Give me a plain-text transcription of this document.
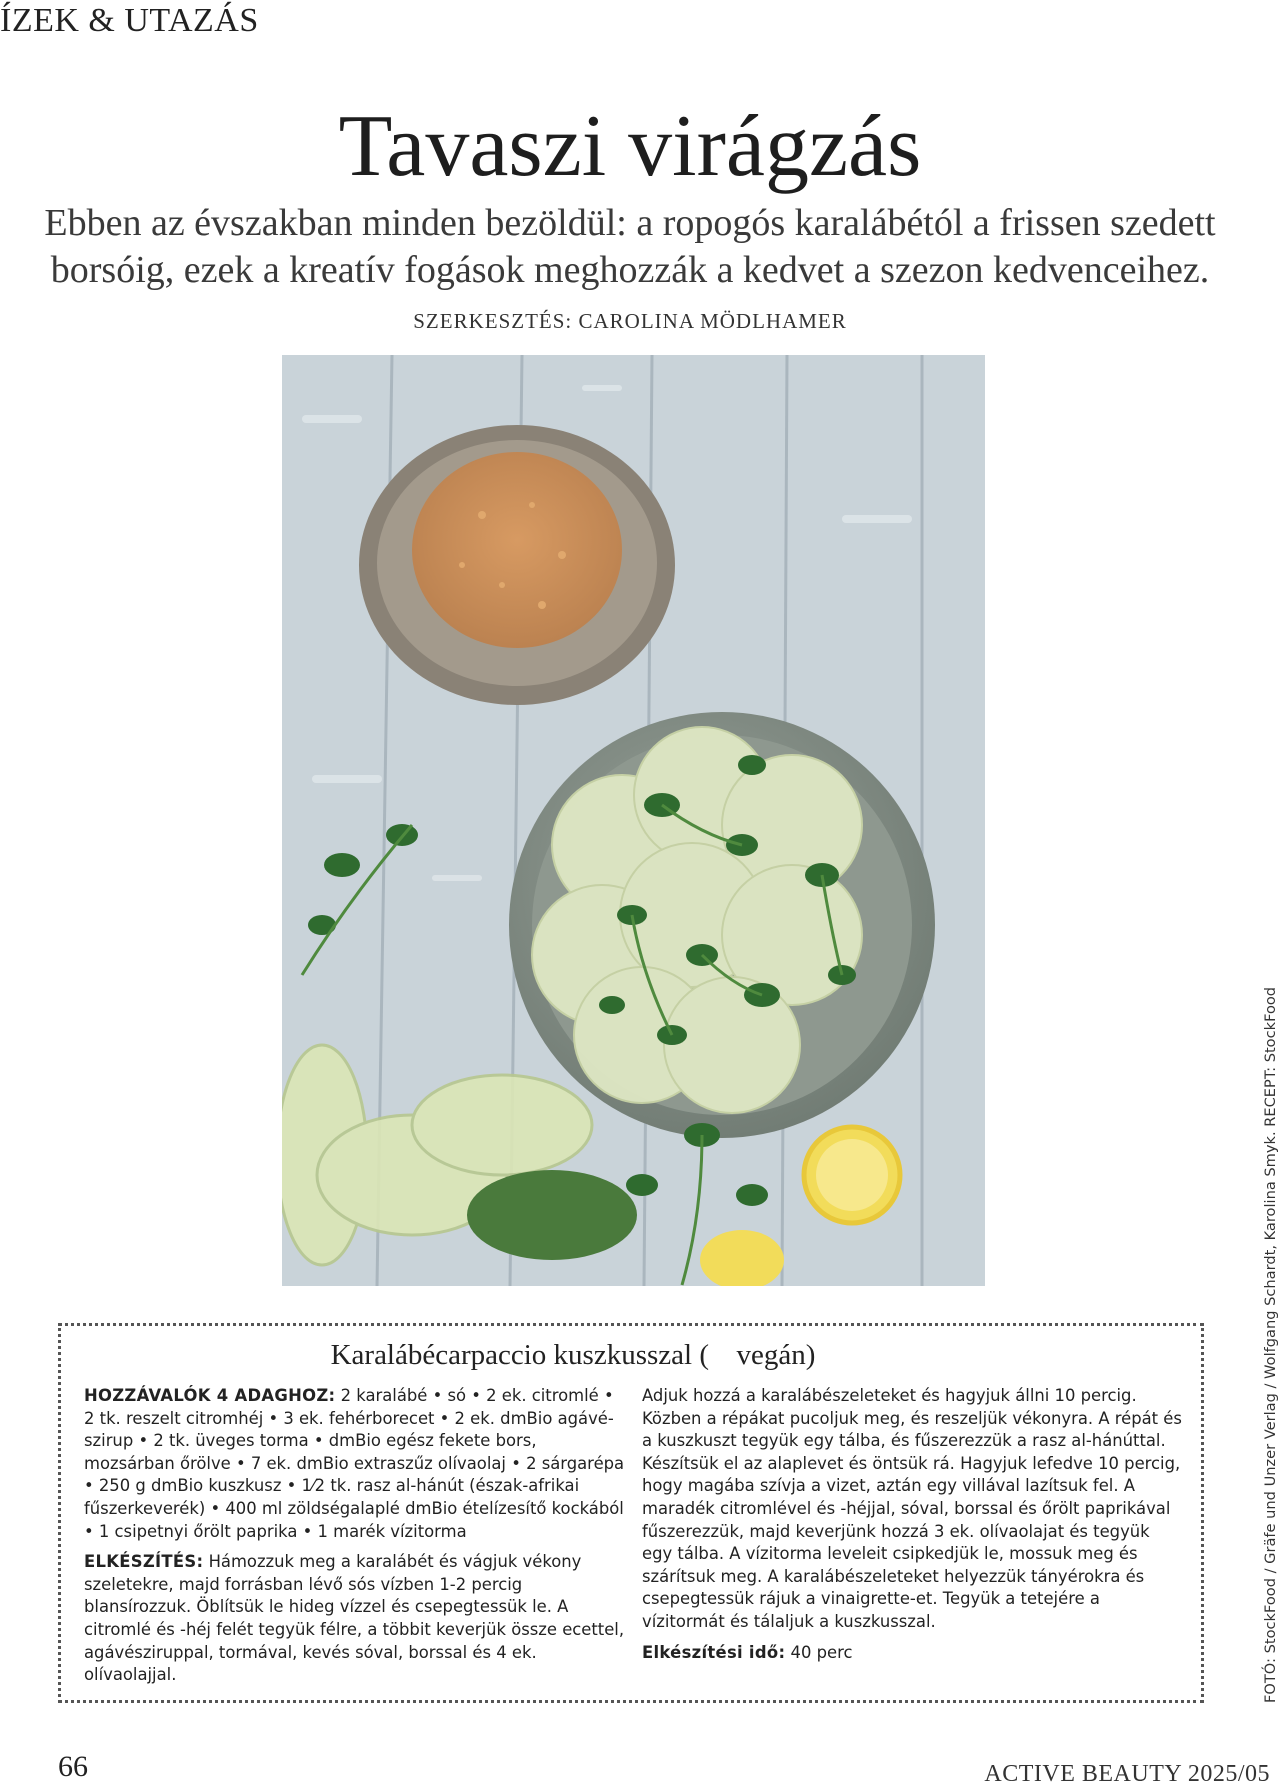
ÍZEK & UTAZÁS
Tavaszi virágzás
Ebben az évszakban minden bezöldül: a ropogós karalábétól a frissen szedett borsóig, ezek a kreatív fogások meghozzák a kedvet a szezon kedvenceihez.
SZERKESZTÉS: CAROLINA MÖDLHAMER
Karalábécarpaccio kuszkusszal ( vegán)

HOZZÁVALÓK 4 ADAGHOZ: 2 karalábé • só • 2 ek. citromlé • 2 tk. reszelt citromhéj • 3 ek. fehérborecet • 2 ek. dmBio agávé-szirup • 2 tk. üveges torma • dmBio egész fekete bors, mozsárban őrölve • 7 ek. dmBio extraszűz olívaolaj • 2 sárgarépa • 250 g dmBio kuszkusz • 1⁄2 tk. rasz al-hánút (észak-afrikai fűszerkeverék) • 400 ml zöldségalaplé dmBio ételízesítő kockából • 1 csipetnyi őrölt paprika • 1 marék vízitorma

ELKÉSZÍTÉS: Hámozzuk meg a karalábét és vágjuk vékony szeletekre, majd forrásban lévő sós vízben 1-2 percig blansírozzuk. Öblítsük le hideg vízzel és csepegtessük le. A citromlé és -héj felét tegyük félre, a többit keverjük össze ecettel, agávésziruppal, tormával, kevés sóval, borssal és 4 ek. olívaolajjal.

Adjuk hozzá a karalábészeleteket és hagyjuk állni 10 percig. Közben a répákat pucoljuk meg, és reszeljük vékonyra. A répát és a kuszkuszt tegyük egy tálba, és fűszerezzük a rasz al-hánúttal. Készítsük el az alaplevet és öntsük rá. Hagyjuk lefedve 10 percig, hogy magába szívja a vizet, aztán egy villával lazítsuk fel. A maradék citromlével és -héjjal, sóval, borssal és őrölt paprikával fűszerezzük, majd keverjünk hozzá 3 ek. olívaolajat és tegyük egy tálba. A vízitorma leveleit csipkedjük le, mossuk meg és szárítsuk meg. A karalábészeleteket helyezzük tányérokra és csepegtessük rájuk a vinaigrette-et. Tegyük a tetejére a vízitormát és tálaljuk a kuszkusszal.

Elkészítési idő: 40 perc	FOTÓ: StockFood / Gräfe und Unzer Verlag / Wolfgang Schardt, Karolina Smyk. RECEPT: StockFood
66	ACTIVE BEAUTY 2025/05
